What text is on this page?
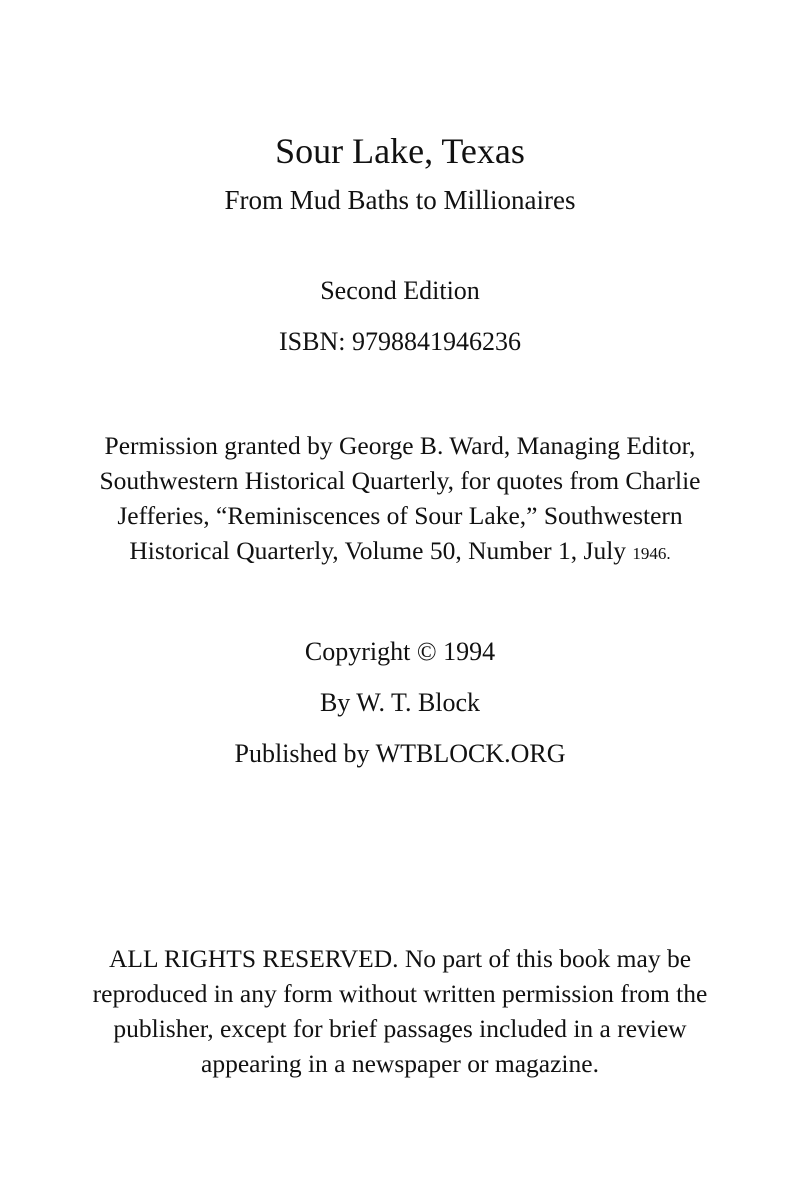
Sour Lake, Texas

From Mud Baths to Millionaires

Second Edition

ISBN: 9798841946236

Permission granted by George B. Ward, Managing Editor,
Southwestern Historical Quarterly, for quotes from Charlie
Jefferies, “Reminiscences of Sour Lake,” Southwestern
Historical Quarterly, Volume 50, Number 1, July 1946.

Copyright © 1994

By W. T. Block

Published by WTBLOCK.ORG

ALL RIGHTS RESERVED. No part of this book may be
reproduced in any form without written permission from the
publisher, except for brief passages included in a review
appearing in a newspaper or magazine.
